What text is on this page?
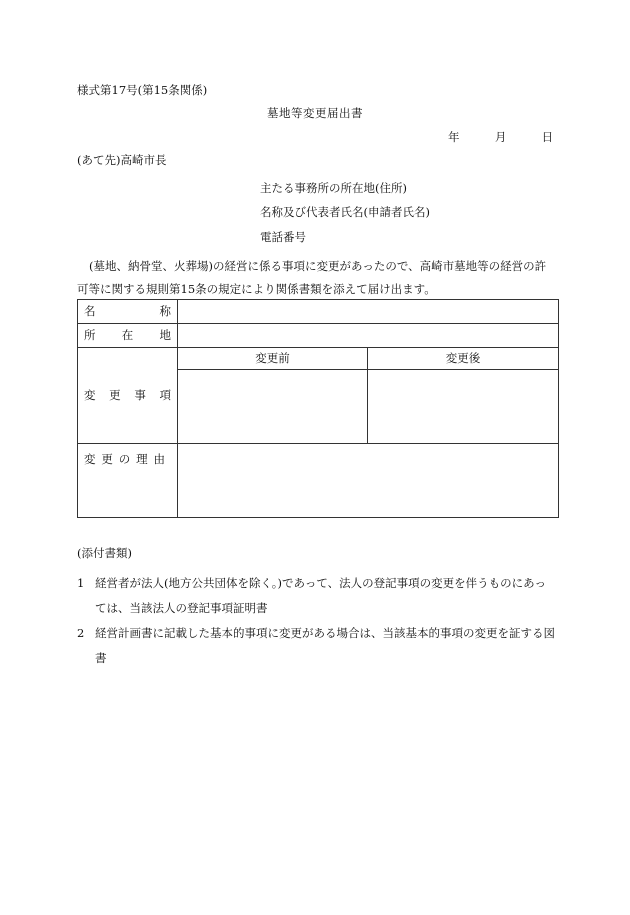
様式第17号(第15条関係)
墓地等変更届出書
年	月	日
(あて先)高崎市長
主たる事務所の所在地(住所)
名称及び代表者氏名(申請者氏名)
電話番号
(墓地、納骨堂、火葬場)の経営に係る事項に変更があったので、高崎市墓地等の経営の許可等に関する規則第15条の規定により関係書類を添えて届け出ます。
名 称		

所 在 地		

変 更 事 項	変更前	変更後

変 更 の 理 由		

(添付書類)
1 経営者が法人(地方公共団体を除く。)であって、法人の登記事項の変更を伴うものにあっては、当該法人の登記事項証明書
2 経営計画書に記載した基本的事項に変更がある場合は、当該基本的事項の変更を証する図書
